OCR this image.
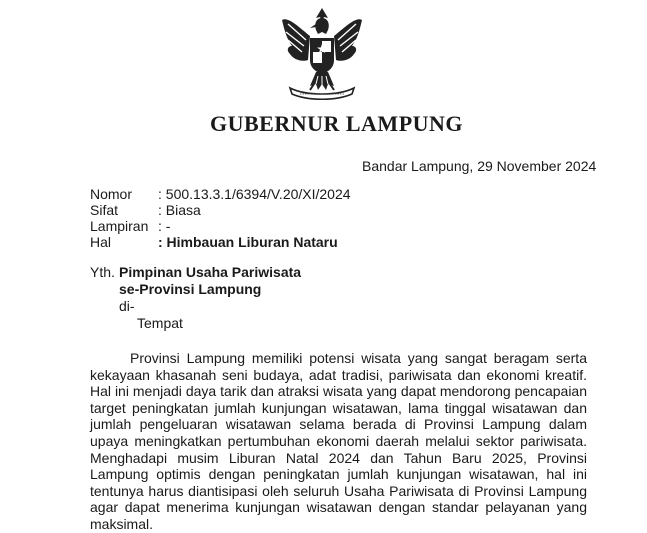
GUBERNUR LAMPUNG
Bandar Lampung, 29 November 2024
Nomor	: 500.13.3.1/6394/V.20/XI/2024
Sifat	: Biasa
Lampiran : -
Hal	: Himbauan Liburan Nataru
Yth. Pimpinan Usaha Pariwisata
se-Provinsi Lampung
di-
Tempat

Provinsi Lampung memiliki potensi wisata yang sangat beragam serta kekayaan khasanah seni budaya, adat tradisi, pariwisata dan ekonomi kreatif. Hal ini menjadi daya tarik dan atraksi wisata yang dapat mendorong pencapaian target peningkatan jumlah kunjungan wisatawan, lama tinggal wisatawan dan jumlah pengeluaran wisatawan selama berada di Provinsi Lampung dalam upaya meningkatkan pertumbuhan ekonomi daerah melalui sektor pariwisata. Menghadapi musim Liburan Natal 2024 dan Tahun Baru 2025, Provinsi Lampung optimis dengan peningkatan jumlah kunjungan wisatawan, hal ini tentunya harus diantisipasi oleh seluruh Usaha Pariwisata di Provinsi Lampung agar dapat menerima kunjungan wisatawan dengan standar pelayanan yang maksimal.
